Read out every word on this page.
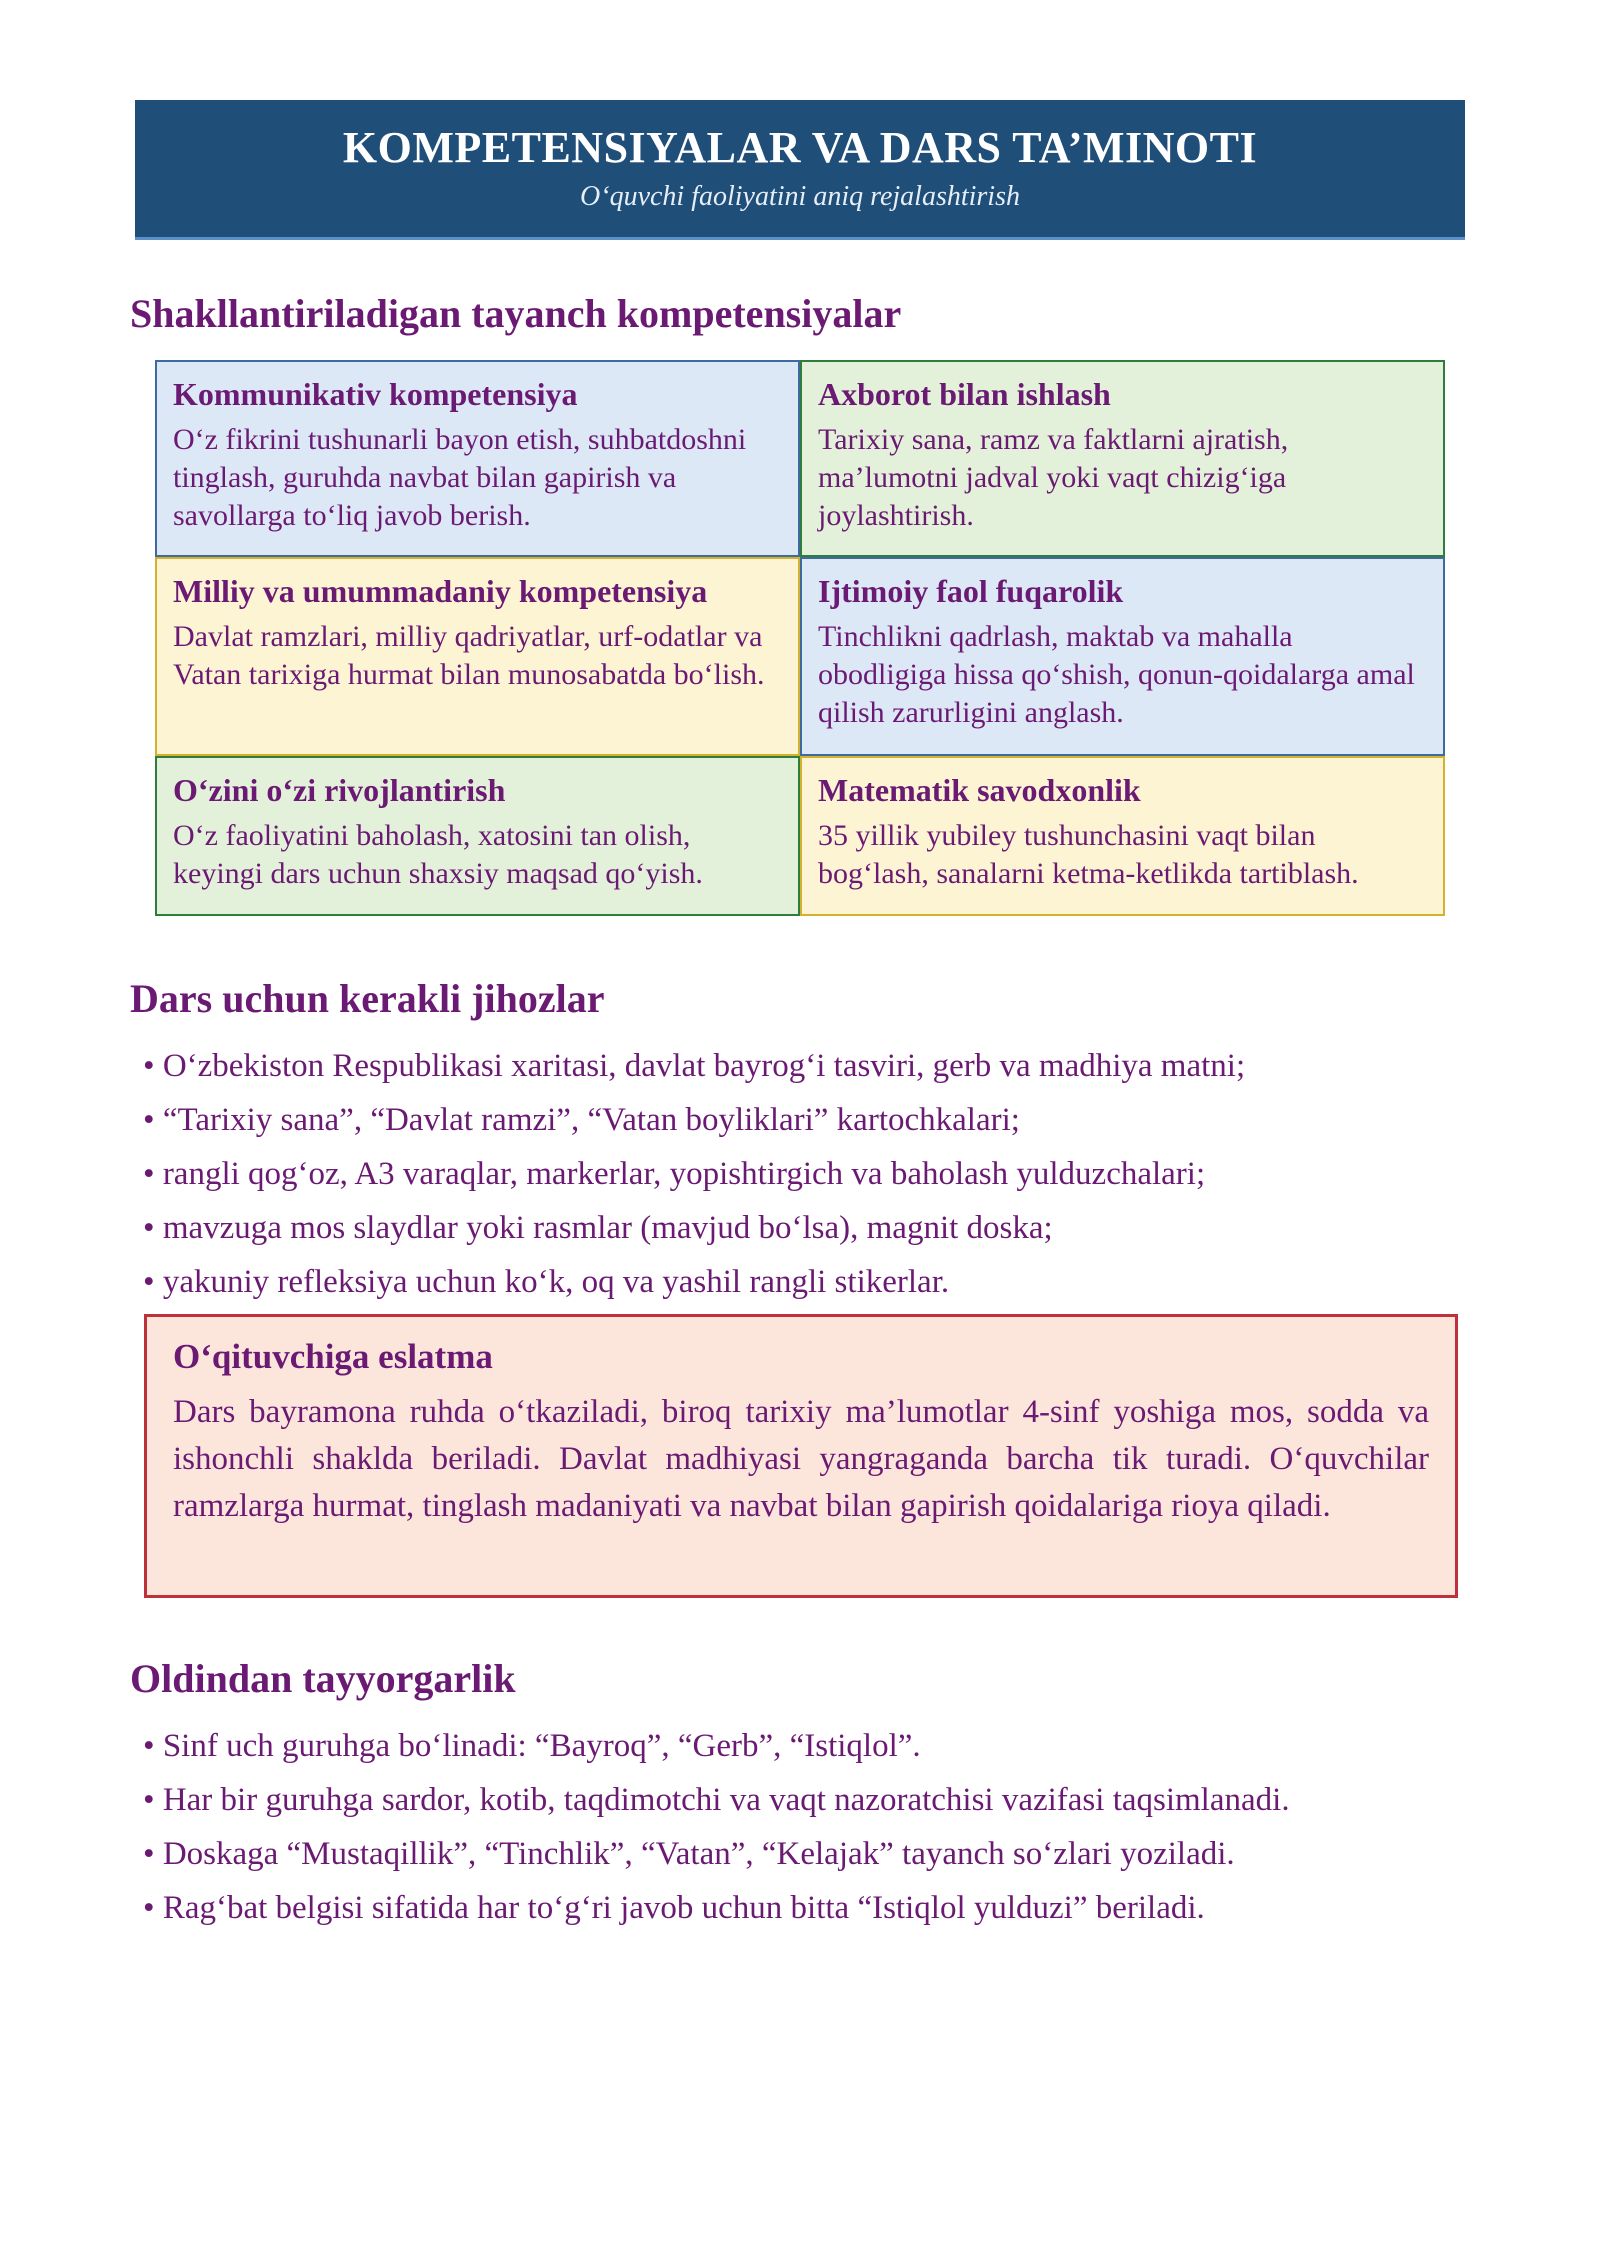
KOMPETENSIYALAR VA DARS TA’MINOTI
O‘quvchi faoliyatini aniq rejalashtirish
Shakllantiriladigan tayanch kompetensiyalar
Kommunikativ kompetensiya
O‘z fikrini tushunarli bayon etish, suhbatdoshni tinglash, guruhda navbat bilan gapirish va savollarga to‘liq javob berish.
Axborot bilan ishlash
Tarixiy sana, ramz va faktlarni ajratish, ma’lumotni jadval yoki vaqt chizig‘iga joylashtirish.
Milliy va umummadaniy kompetensiya
Davlat ramzlari, milliy qadriyatlar, urf-odatlar va Vatan tarixiga hurmat bilan munosabatda bo‘lish.
Ijtimoiy faol fuqarolik
Tinchlikni qadrlash, maktab va mahalla obodligiga hissa qo‘shish, qonun-qoidalarga amal qilish zarurligini anglash.
O‘zini o‘zi rivojlantirish
O‘z faoliyatini baholash, xatosini tan olish, keyingi dars uchun shaxsiy maqsad qo‘yish.
Matematik savodxonlik
35 yillik yubiley tushunchasini vaqt bilan bog‘lash, sanalarni ketma-ketlikda tartiblash.
Dars uchun kerakli jihozlar
• O‘zbekiston Respublikasi xaritasi, davlat bayrog‘i tasviri, gerb va madhiya matni;
• “Tarixiy sana”, “Davlat ramzi”, “Vatan boyliklari” kartochkalari;
• rangli qog‘oz, A3 varaqlar, markerlar, yopishtirgich va baholash yulduzchalari;
• mavzuga mos slaydlar yoki rasmlar (mavjud bo‘lsa), magnit doska;
• yakuniy refleksiya uchun ko‘k, oq va yashil rangli stikerlar.
O‘qituvchiga eslatma
Dars bayramona ruhda o‘tkaziladi, biroq tarixiy ma’lumotlar 4-sinf yoshiga mos, sodda va ishonchli shaklda beriladi. Davlat madhiyasi yangraganda barcha tik turadi. O‘quvchilar ramzlarga hurmat, tinglash madaniyati va navbat bilan gapirish qoidalariga rioya qiladi.
Oldindan tayyorgarlik
• Sinf uch guruhga bo‘linadi: “Bayroq”, “Gerb”, “Istiqlol”.
• Har bir guruhga sardor, kotib, taqdimotchi va vaqt nazoratchisi vazifasi taqsimlanadi.
• Doskaga “Mustaqillik”, “Tinchlik”, “Vatan”, “Kelajak” tayanch so‘zlari yoziladi.
• Rag‘bat belgisi sifatida har to‘g‘ri javob uchun bitta “Istiqlol yulduzi” beriladi.
